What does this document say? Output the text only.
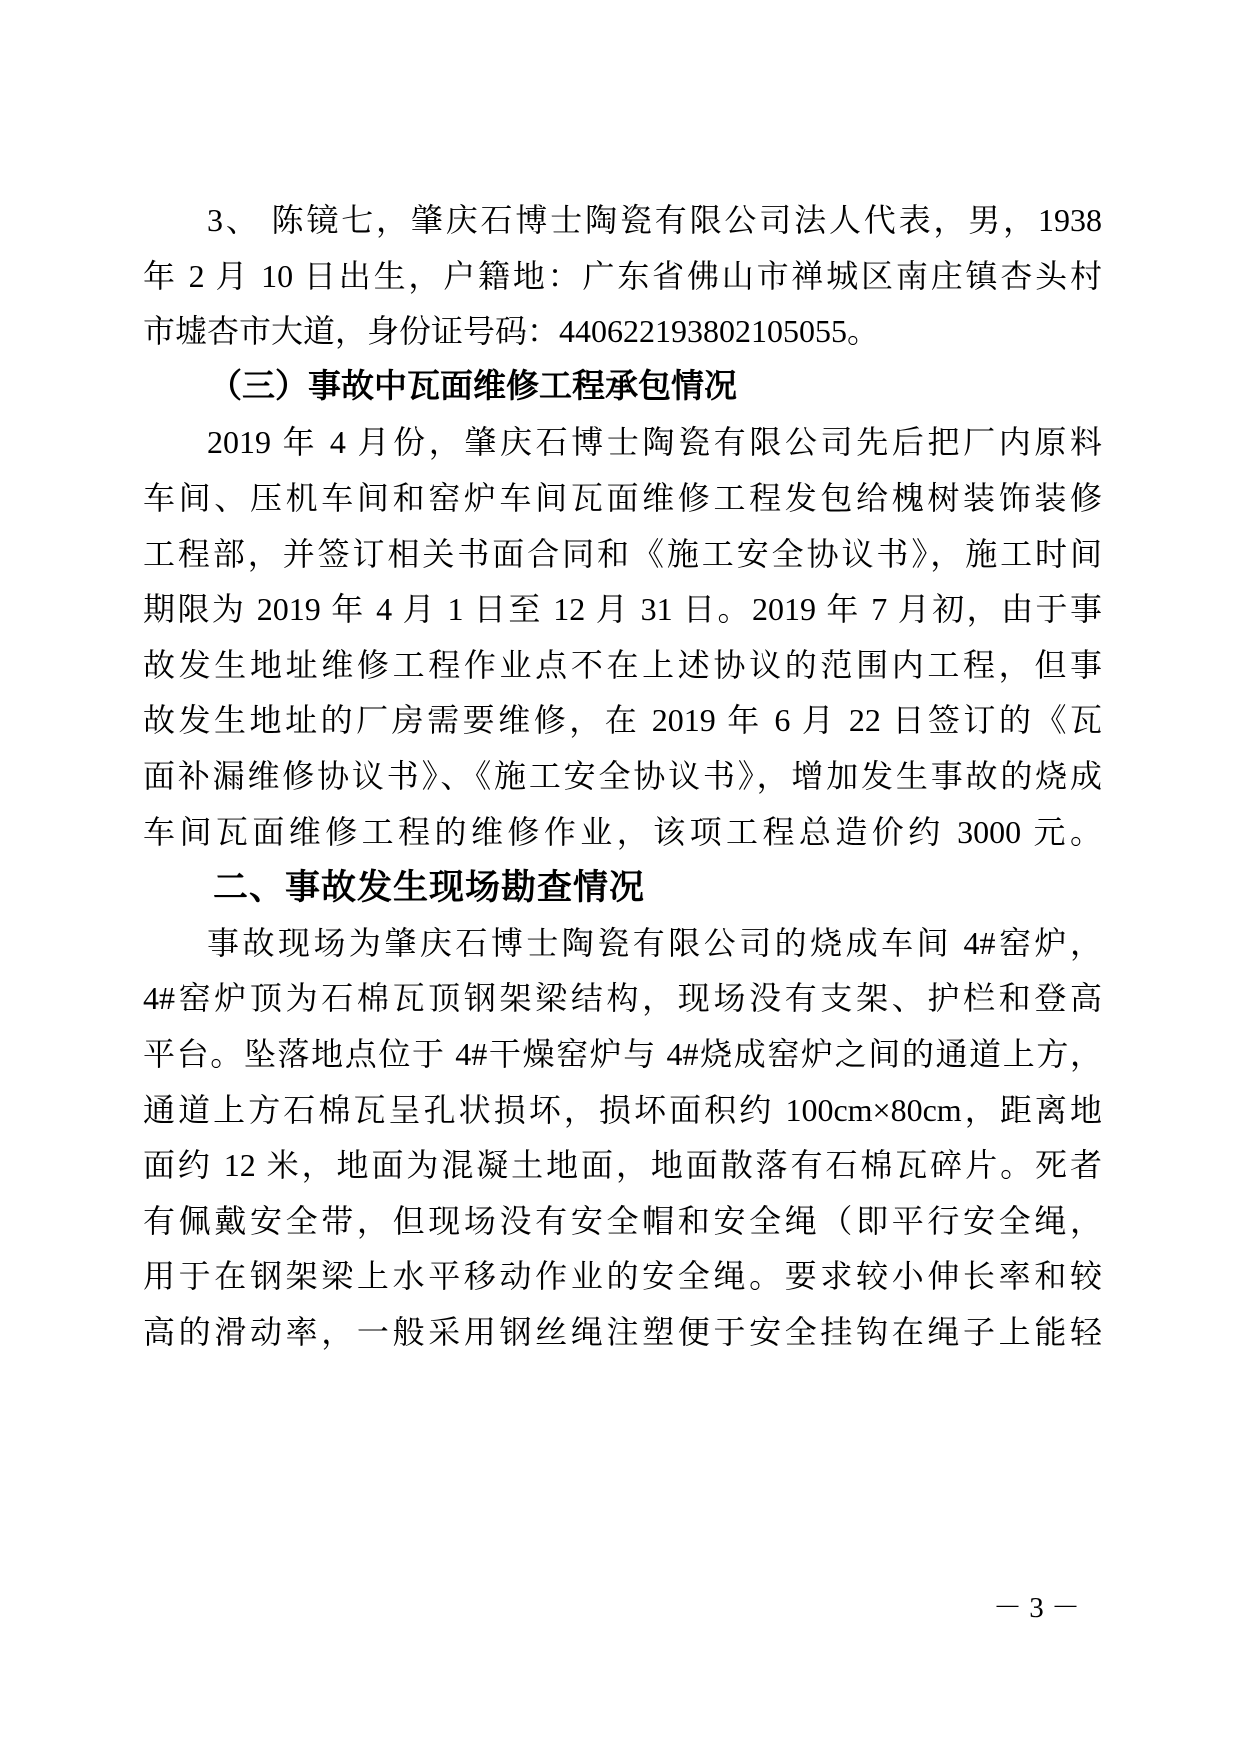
3、 陈镜七，肇庆石博士陶瓷有限公司法人代表，男，1938
年 2 月 10 日出生，户籍地：广东省佛山市禅城区南庄镇杏头村
市墟杏市大道，身份证号码：440622193802105055。
（三）事故中瓦面维修工程承包情况
2019 年 4 月份，肇庆石博士陶瓷有限公司先后把厂内原料
车间、压机车间和窑炉车间瓦面维修工程发包给槐树装饰装修
工程部，并签订相关书面合同和《施工安全协议书》，施工时间
期限为 2019 年 4 月 1 日至 12 月 31 日。2019 年 7 月初，由于事
故发生地址维修工程作业点不在上述协议的范围内工程，但事
故发生地址的厂房需要维修，在 2019 年 6 月 22 日签订的《瓦
面补漏维修协议书》、《施工安全协议书》，增加发生事故的烧成
车间瓦面维修工程的维修作业，该项工程总造价约 3000 元。
二、事故发生现场勘查情况
事故现场为肇庆石博士陶瓷有限公司的烧成车间 4#窑炉，
4#窑炉顶为石棉瓦顶钢架梁结构，现场没有支架、护栏和登高
平台。坠落地点位于 4#干燥窑炉与 4#烧成窑炉之间的通道上方，
通道上方石棉瓦呈孔状损坏，损坏面积约 100cm×80cm，距离地
面约 12 米，地面为混凝土地面，地面散落有石棉瓦碎片。死者
有佩戴安全带，但现场没有安全帽和安全绳（即平行安全绳，
用于在钢架梁上水平移动作业的安全绳。要求较小伸长率和较
高的滑动率，一般采用钢丝绳注塑便于安全挂钩在绳子上能轻
－ 3 －
